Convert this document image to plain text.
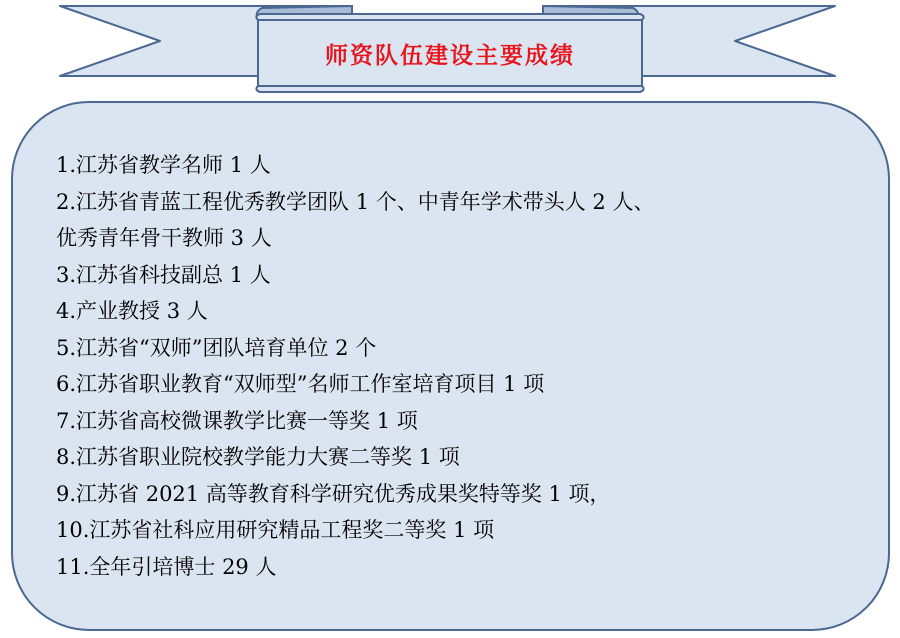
师资队伍建设主要成绩
1.江苏省教学名师 1 人
2.江苏省青蓝工程优秀教学团队 1 个、中青年学术带头人 2 人、
优秀青年骨干教师 3 人
3.江苏省科技副总 1 人
4.产业教授 3 人
5.江苏省“双师”团队培育单位 2 个
6.江苏省职业教育“双师型”名师工作室培育项目 1 项
7.江苏省高校微课教学比赛一等奖 1 项
8.江苏省职业院校教学能力大赛二等奖 1 项
9.江苏省 2021 高等教育科学研究优秀成果奖特等奖 1 项，
10.江苏省社科应用研究精品工程奖二等奖 1 项
11.全年引培博士 29 人
